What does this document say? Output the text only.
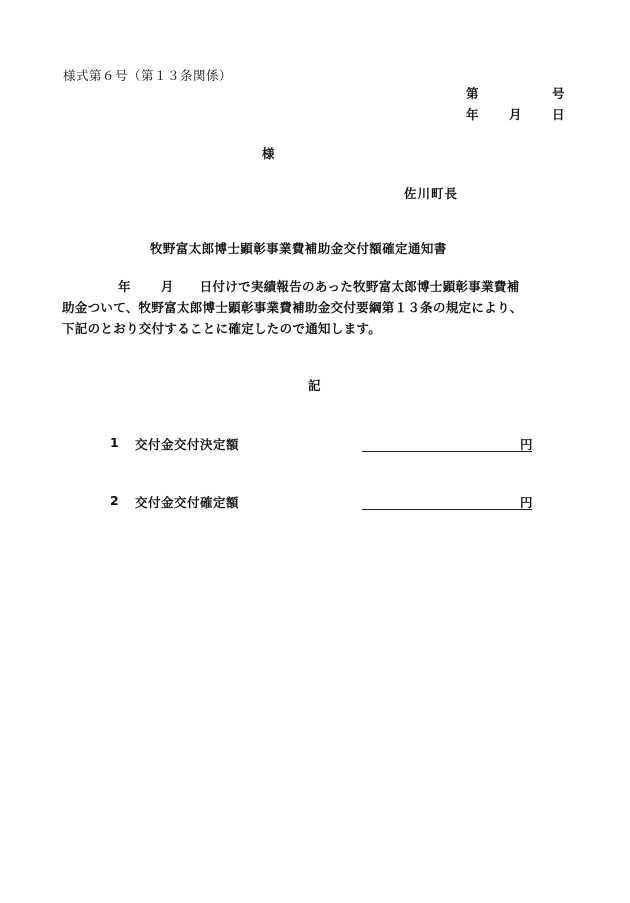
様式第６号（第１３条関係）
第	号
年 月 日
様
佐川町長
牧野富太郎博士顕彰事業費補助金交付額確定通知書
年 月 日付けで実績報告のあった牧野富太郎博士顕彰事業費補
助金ついて、牧野富太郎博士顕彰事業費補助金交付要綱第１３条の規定により、
下記のとおり交付することに確定したので通知します。
記
1 交付金交付決定額	円
2 交付金交付確定額	円
